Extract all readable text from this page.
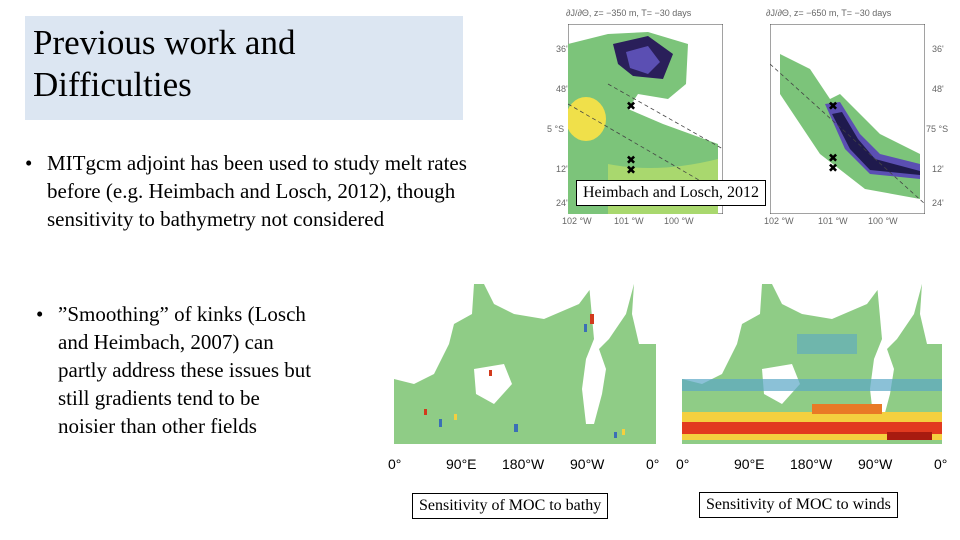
Previous work and
Difficulties
• MITgcm adjoint has been used to study melt rates
before (e.g. Heimbach and Losch, 2012), though
sensitivity to bathymetry not considered
• ”Smoothing” of kinks (Losch
and Heimbach, 2007) can
partly address these issues but
still gradients tend to be
noisier than other fields
∂J/∂Θ, z= −350 m, T= −30 days	∂J/∂Θ, z= −650 m, T= −30 days
✖
✖
✖
✖
✖
✖
36'
48'
5 °S
12'
24'
36'
48'
75 °S
12'
24'
102 °W 101 °W 100 °W	102 °W	101 °W 100 °W
Heimbach and Losch, 2012
0°	90°E 180°W 90°W	0° 0°	90°E 180°W 90°W	0°
Sensitivity of MOC to bathy	Sensitivity of MOC to winds
